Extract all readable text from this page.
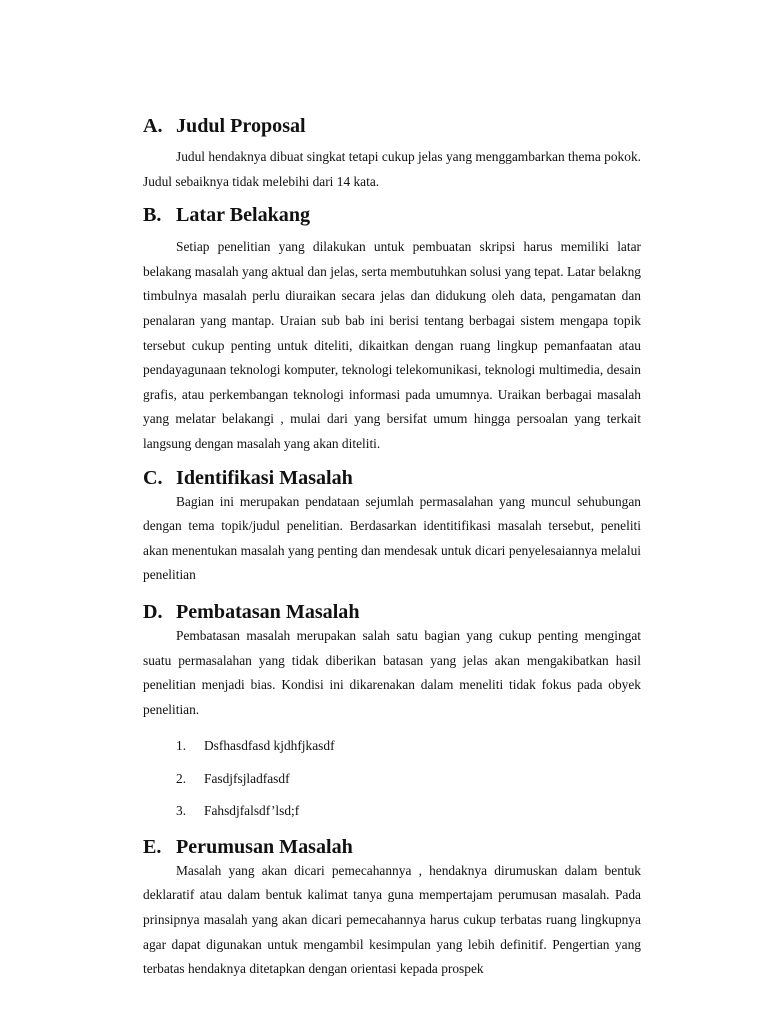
A. Judul Proposal

Judul hendaknya dibuat singkat tetapi cukup jelas yang menggambarkan thema pokok. Judul sebaiknya tidak melebihi dari 14 kata.

B. Latar Belakang

Setiap penelitian yang dilakukan untuk pembuatan skripsi harus memiliki latar belakang masalah yang aktual dan jelas, serta membutuhkan solusi yang tepat. Latar belakng timbulnya masalah perlu diuraikan secara jelas dan didukung oleh data, pengamatan dan penalaran yang mantap. Uraian sub bab ini berisi tentang berbagai sistem mengapa topik tersebut cukup penting untuk diteliti, dikaitkan dengan ruang lingkup pemanfaatan atau pendayagunaan teknologi komputer, teknologi telekomunikasi, teknologi multimedia, desain grafis, atau perkembangan teknologi informasi pada umumnya. Uraikan berbagai masalah yang melatar belakangi , mulai dari yang bersifat umum hingga persoalan yang terkait langsung dengan masalah yang akan diteliti.

C. Identifikasi Masalah

Bagian ini merupakan pendataan sejumlah permasalahan yang muncul sehubungan dengan tema topik/judul penelitian. Berdasarkan identitifikasi masalah tersebut, peneliti akan menentukan masalah yang penting dan mendesak untuk dicari penyelesaiannya melalui penelitian

D. Pembatasan Masalah

Pembatasan masalah merupakan salah satu bagian yang cukup penting mengingat suatu permasalahan yang tidak diberikan batasan yang jelas akan mengakibatkan hasil penelitian menjadi bias. Kondisi ini dikarenakan dalam meneliti tidak fokus pada obyek penelitian.

1.	Dsfhasdfasd kjdhfjkasdf
2.	Fasdjfsjladfasdf
3.	Fahsdjfalsdf’lsd;f
E. Perumusan Masalah

Masalah yang akan dicari pemecahannya , hendaknya dirumuskan dalam bentuk deklaratif atau dalam bentuk kalimat tanya guna mempertajam perumusan masalah. Pada prinsipnya masalah yang akan dicari pemecahannya harus cukup terbatas ruang lingkupnya agar dapat digunakan untuk mengambil kesimpulan yang lebih definitif. Pengertian yang terbatas hendaknya ditetapkan dengan orientasi kepada prospek
